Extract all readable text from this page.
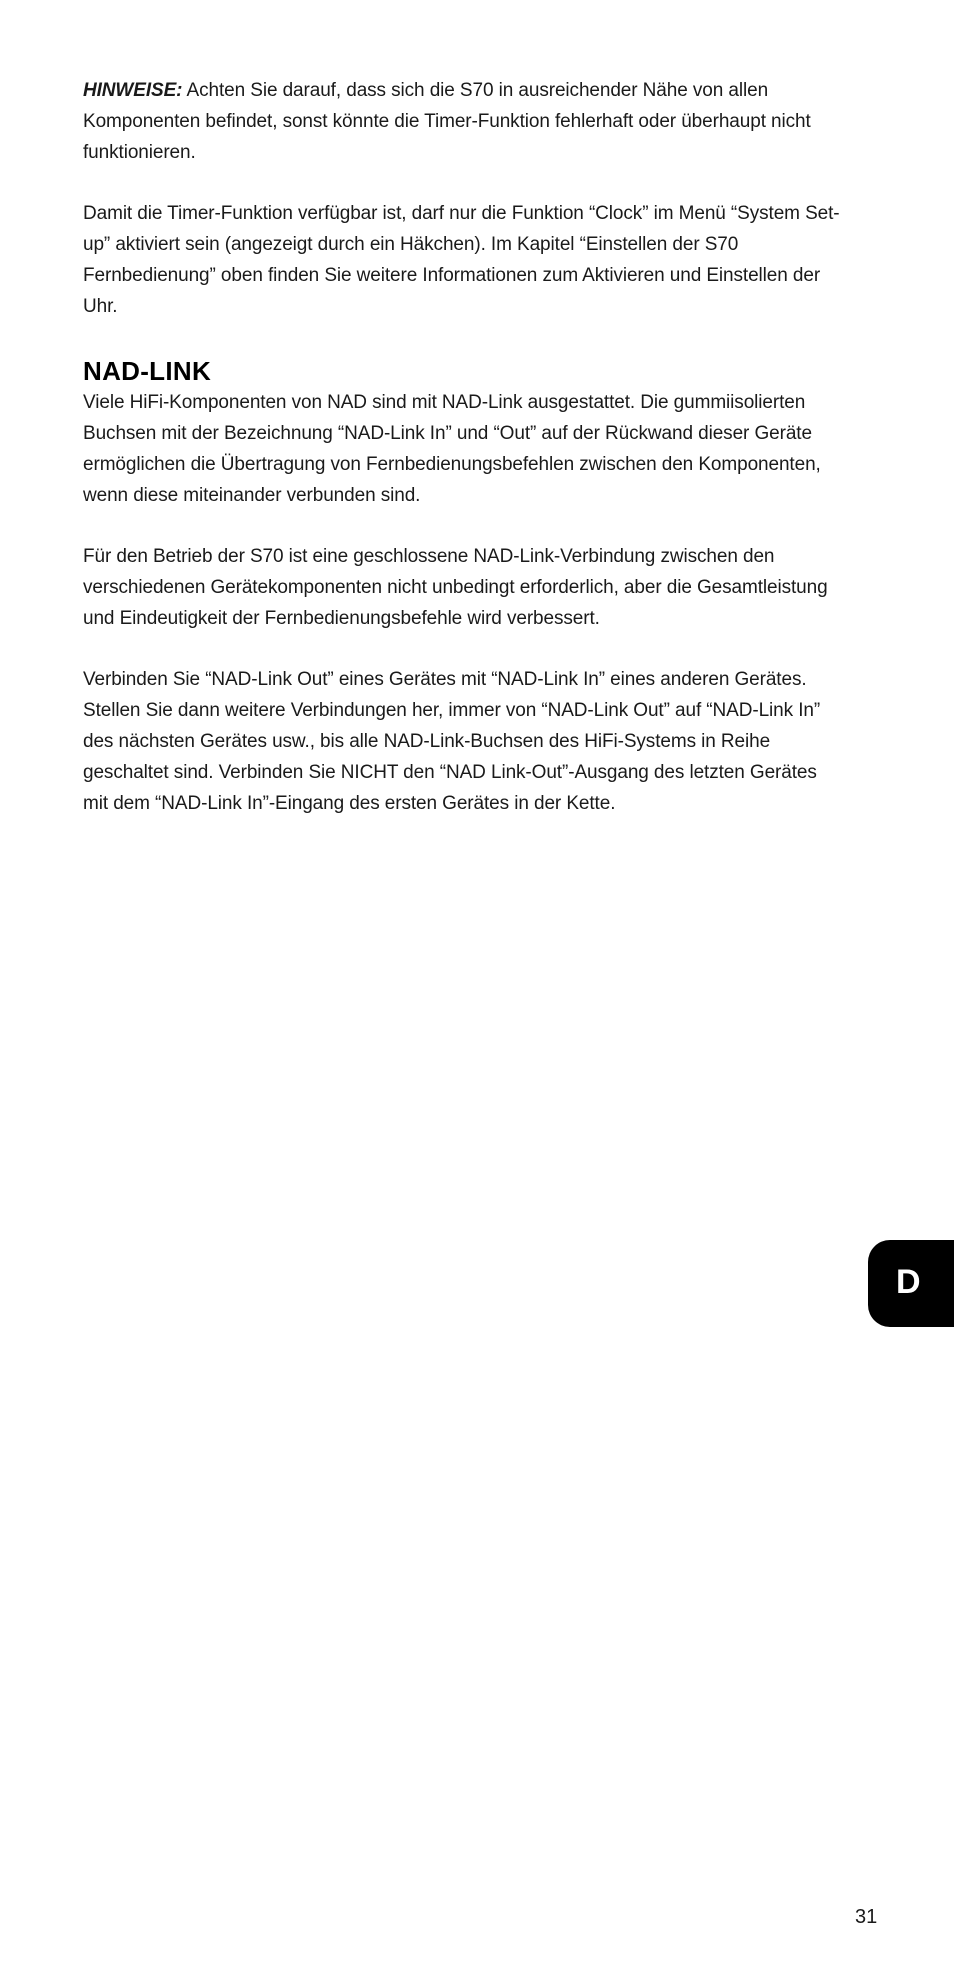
HINWEISE: Achten Sie darauf, dass sich die S70 in ausreichender Nähe von allen Komponenten befindet, sonst könnte die Timer-Funktion fehlerhaft oder überhaupt nicht funktionieren.

Damit die Timer-Funktion verfügbar ist, darf nur die Funktion “Clock” im Menü “System Set-up” aktiviert sein (angezeigt durch ein Häkchen). Im Kapitel “Einstellen der S70 Fernbedienung” oben finden Sie weitere Informationen zum Aktivieren und Einstellen der Uhr.

NAD-LINK

Viele HiFi-Komponenten von NAD sind mit NAD-Link ausgestattet. Die gummiisolierten Buchsen mit der Bezeichnung “NAD-Link In” und “Out” auf der Rückwand dieser Geräte ermöglichen die Übertragung von Fernbedienungsbefehlen zwischen den Komponenten, wenn diese miteinander verbunden sind.

Für den Betrieb der S70 ist eine geschlossene NAD-Link-Verbindung zwischen den verschiedenen Gerätekomponenten nicht unbedingt erforderlich, aber die Gesamtleistung und Eindeutigkeit der Fernbedienungsbefehle wird verbessert.

Verbinden Sie “NAD-Link Out” eines Gerätes mit “NAD-Link In” eines anderen Gerätes. Stellen Sie dann weitere Verbindungen her, immer von “NAD-Link Out” auf “NAD-Link In” des nächsten Gerätes usw., bis alle NAD-Link-Buchsen des HiFi-Systems in Reihe geschaltet sind. Verbinden Sie NICHT den “NAD Link-Out”-Ausgang des letzten Gerätes mit dem “NAD-Link In”-Eingang des ersten Gerätes in der Kette.

D
31
